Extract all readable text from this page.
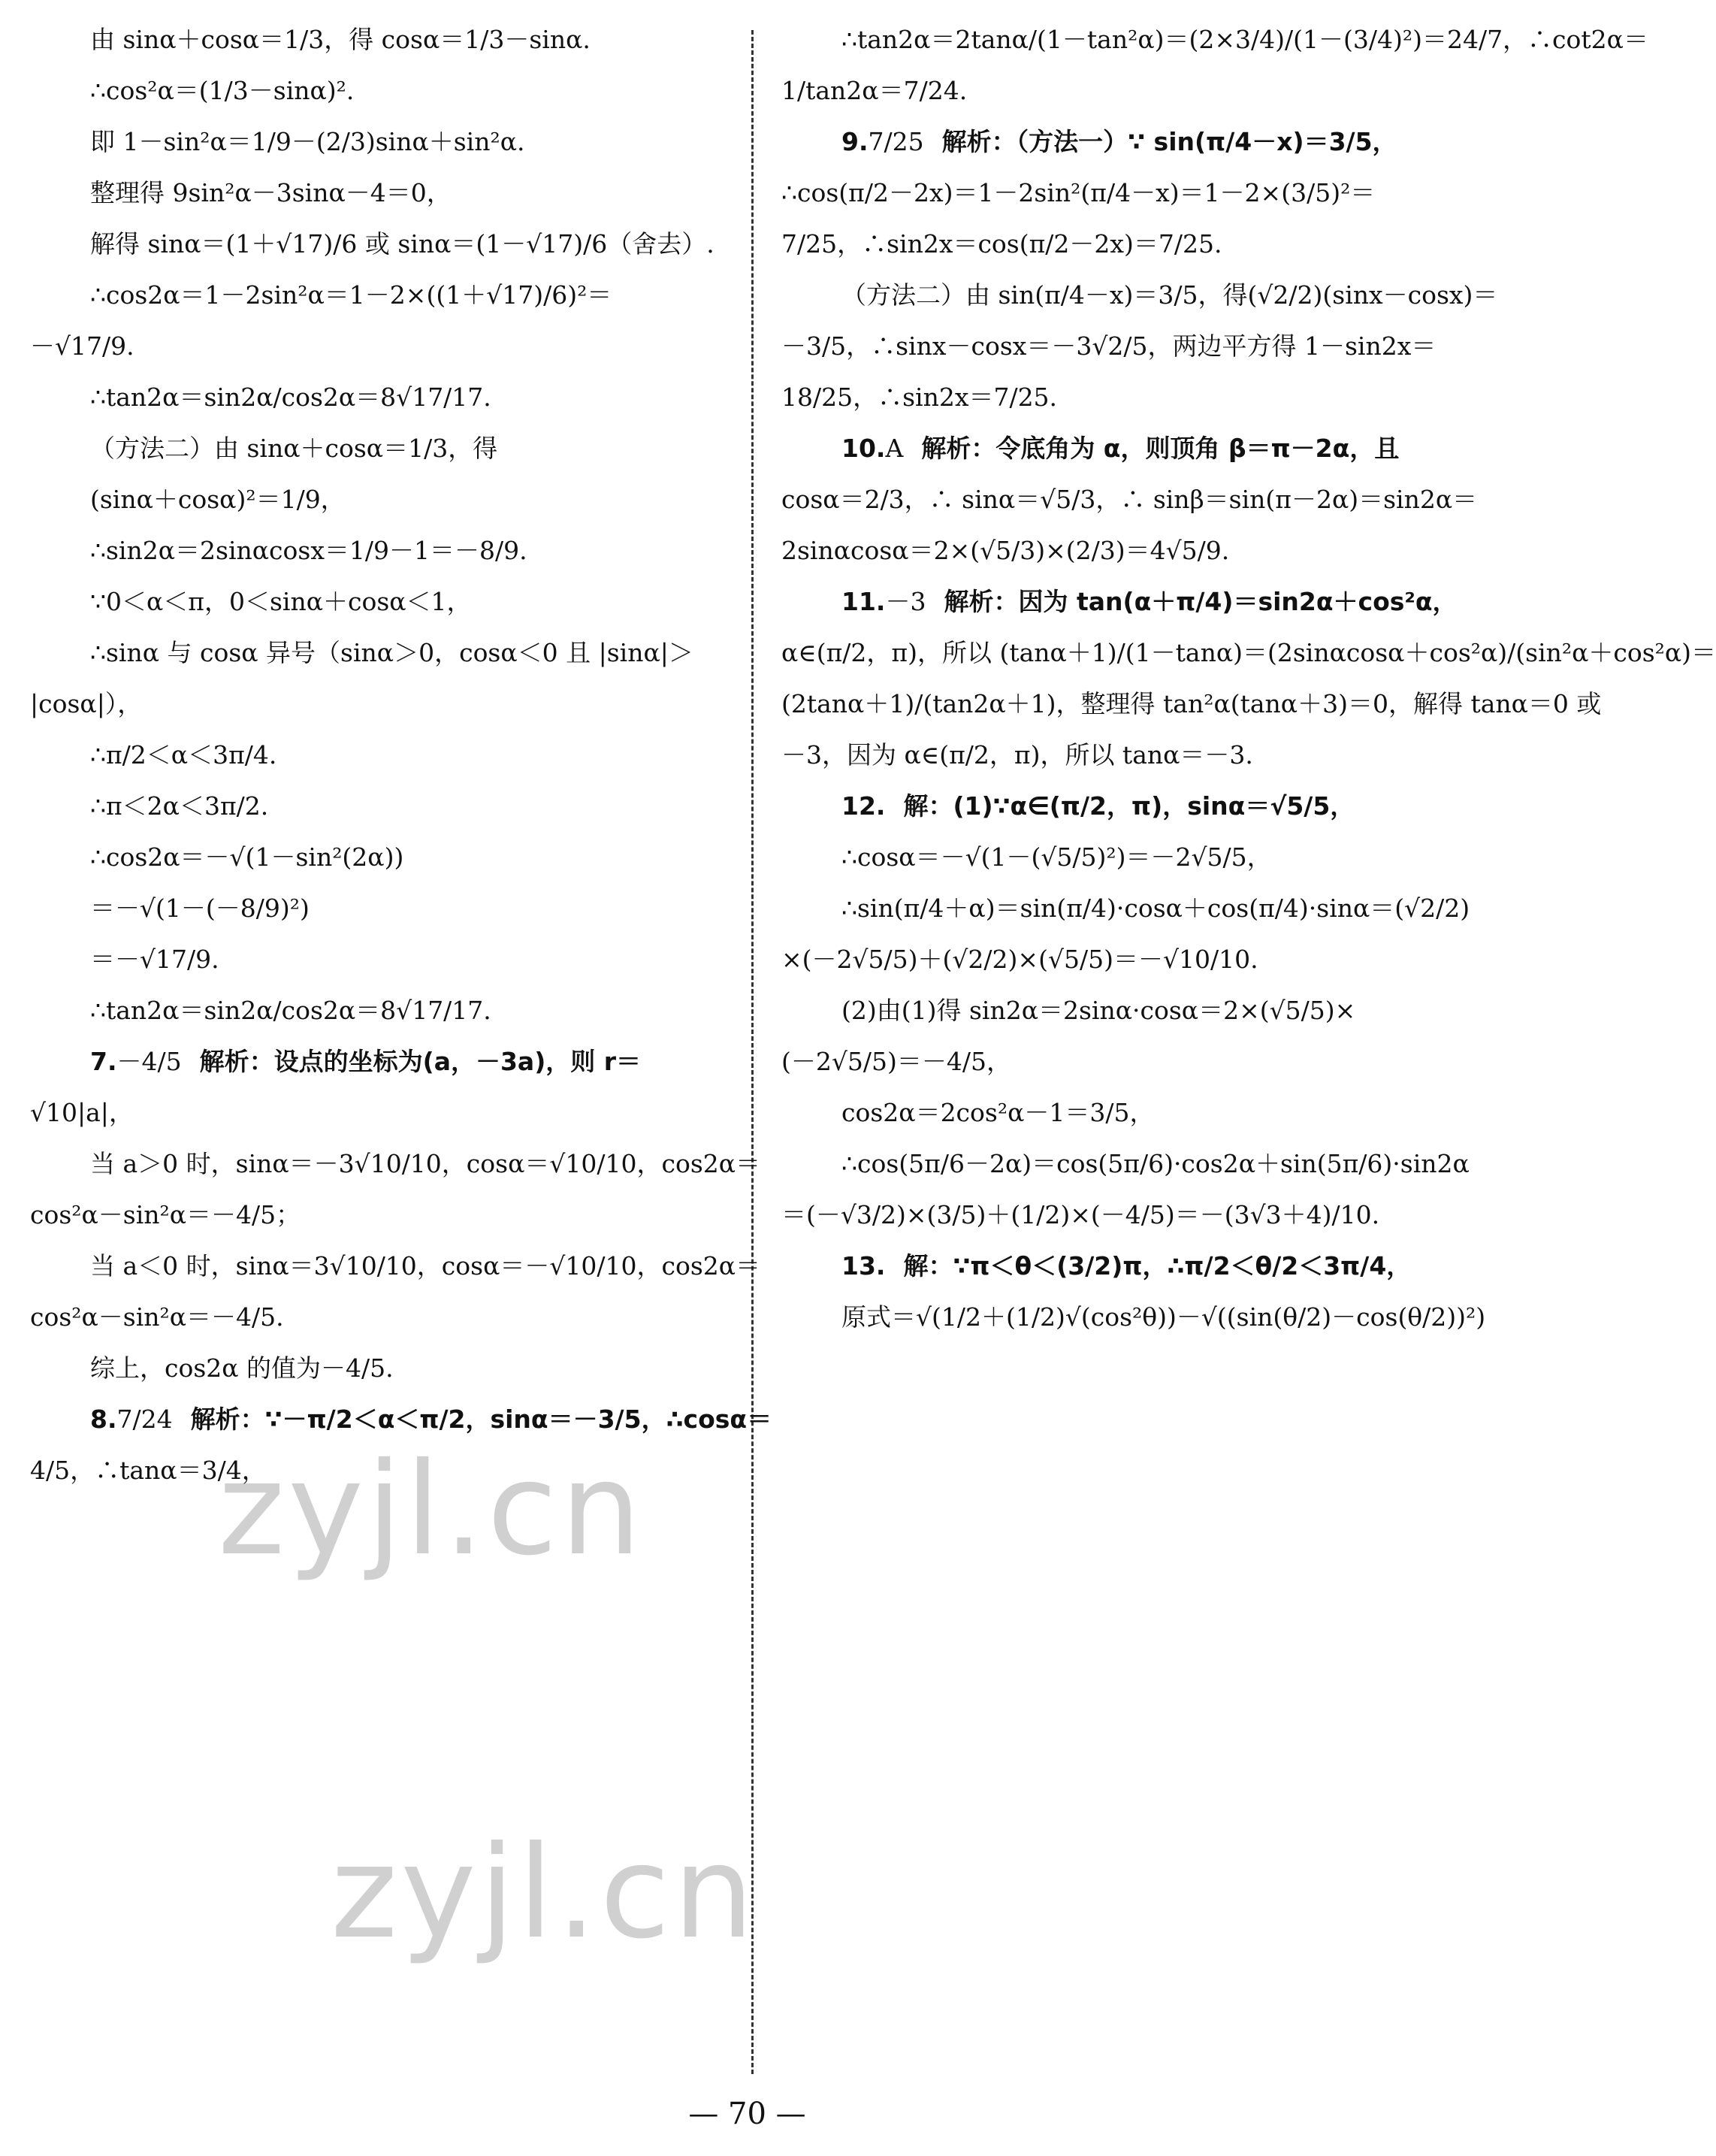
由 sinα＋cosα＝1/3，得 cosα＝1/3－sinα.
∴cos²α＝(1/3－sinα)².
即 1－sin²α＝1/9－(2/3)sinα＋sin²α.
整理得 9sin²α－3sinα－4＝0，
解得 sinα＝(1＋√17)/6 或 sinα＝(1－√17)/6（舍去）.
∴cos2α＝1－2sin²α＝1－2×((1＋√17)/6)²＝
－√17/9.
∴tan2α＝sin2α/cos2α＝8√17/17.
（方法二）由 sinα＋cosα＝1/3，得
(sinα＋cosα)²＝1/9，
∴sin2α＝2sinαcosx＝1/9－1＝－8/9.
∵0＜α＜π，0＜sinα＋cosα＜1，
∴sinα 与 cosα 异号（sinα＞0，cosα＜0 且 |sinα|＞
|cosα|），
∴π/2＜α＜3π/4.
∴π＜2α＜3π/2.
∴cos2α＝－√(1－sin²(2α))
＝－√(1－(－8/9)²)
＝－√17/9.
∴tan2α＝sin2α/cos2α＝8√17/17.
7.－4/5 解析：设点的坐标为(a，－3a)，则 r＝
√10|a|，
当 a＞0 时，sinα＝－3√10/10，cosα＝√10/10，cos2α＝
cos²α－sin²α＝－4/5；
当 a＜0 时，sinα＝3√10/10，cosα＝－√10/10，cos2α＝
cos²α－sin²α＝－4/5.
综上，cos2α 的值为－4/5.
8.7/24 解析：∵－π/2＜α＜π/2，sinα＝－3/5，∴cosα＝
4/5，∴tanα＝3/4，
∴tan2α＝2tanα/(1－tan²α)＝(2×3/4)/(1－(3/4)²)＝24/7，∴cot2α＝
1/tan2α＝7/24.
9.7/25 解析：（方法一）∵ sin(π/4－x)＝3/5，
∴cos(π/2－2x)＝1－2sin²(π/4－x)＝1－2×(3/5)²＝
7/25，∴sin2x＝cos(π/2－2x)＝7/25.
（方法二）由 sin(π/4－x)＝3/5，得(√2/2)(sinx－cosx)＝
－3/5，∴sinx－cosx＝－3√2/5，两边平方得 1－sin2x＝
18/25，∴sin2x＝7/25.
10.A 解析：令底角为 α，则顶角 β＝π－2α，且
cosα＝2/3，∴ sinα＝√5/3，∴ sinβ＝sin(π－2α)＝sin2α＝
2sinαcosα＝2×(√5/3)×(2/3)＝4√5/9.
11.－3 解析：因为 tan(α＋π/4)＝sin2α＋cos²α，
α∈(π/2，π)，所以 (tanα＋1)/(1－tanα)＝(2sinαcosα＋cos²α)/(sin²α＋cos²α)＝
(2tanα＋1)/(tan2α＋1)，整理得 tan²α(tanα＋3)＝0，解得 tanα＝0 或
－3，因为 α∈(π/2，π)，所以 tanα＝－3.
12. 解：(1)∵α∈(π/2，π)，sinα＝√5/5，
∴cosα＝－√(1－(√5/5)²)＝－2√5/5，
∴sin(π/4＋α)＝sin(π/4)·cosα＋cos(π/4)·sinα＝(√2/2)
×(－2√5/5)＋(√2/2)×(√5/5)＝－√10/10.
(2)由(1)得 sin2α＝2sinα·cosα＝2×(√5/5)×
(－2√5/5)＝－4/5，
cos2α＝2cos²α－1＝3/5，
∴cos(5π/6－2α)＝cos(5π/6)·cos2α＋sin(5π/6)·sin2α
＝(－√3/2)×(3/5)＋(1/2)×(－4/5)＝－(3√3＋4)/10.
13. 解：∵π＜θ＜(3/2)π，∴π/2＜θ/2＜3π/4，
原式＝√(1/2＋(1/2)√(cos²θ))－√((sin(θ/2)－cos(θ/2))²)
zyjl.cn
zyjl.cn
— 70 —
